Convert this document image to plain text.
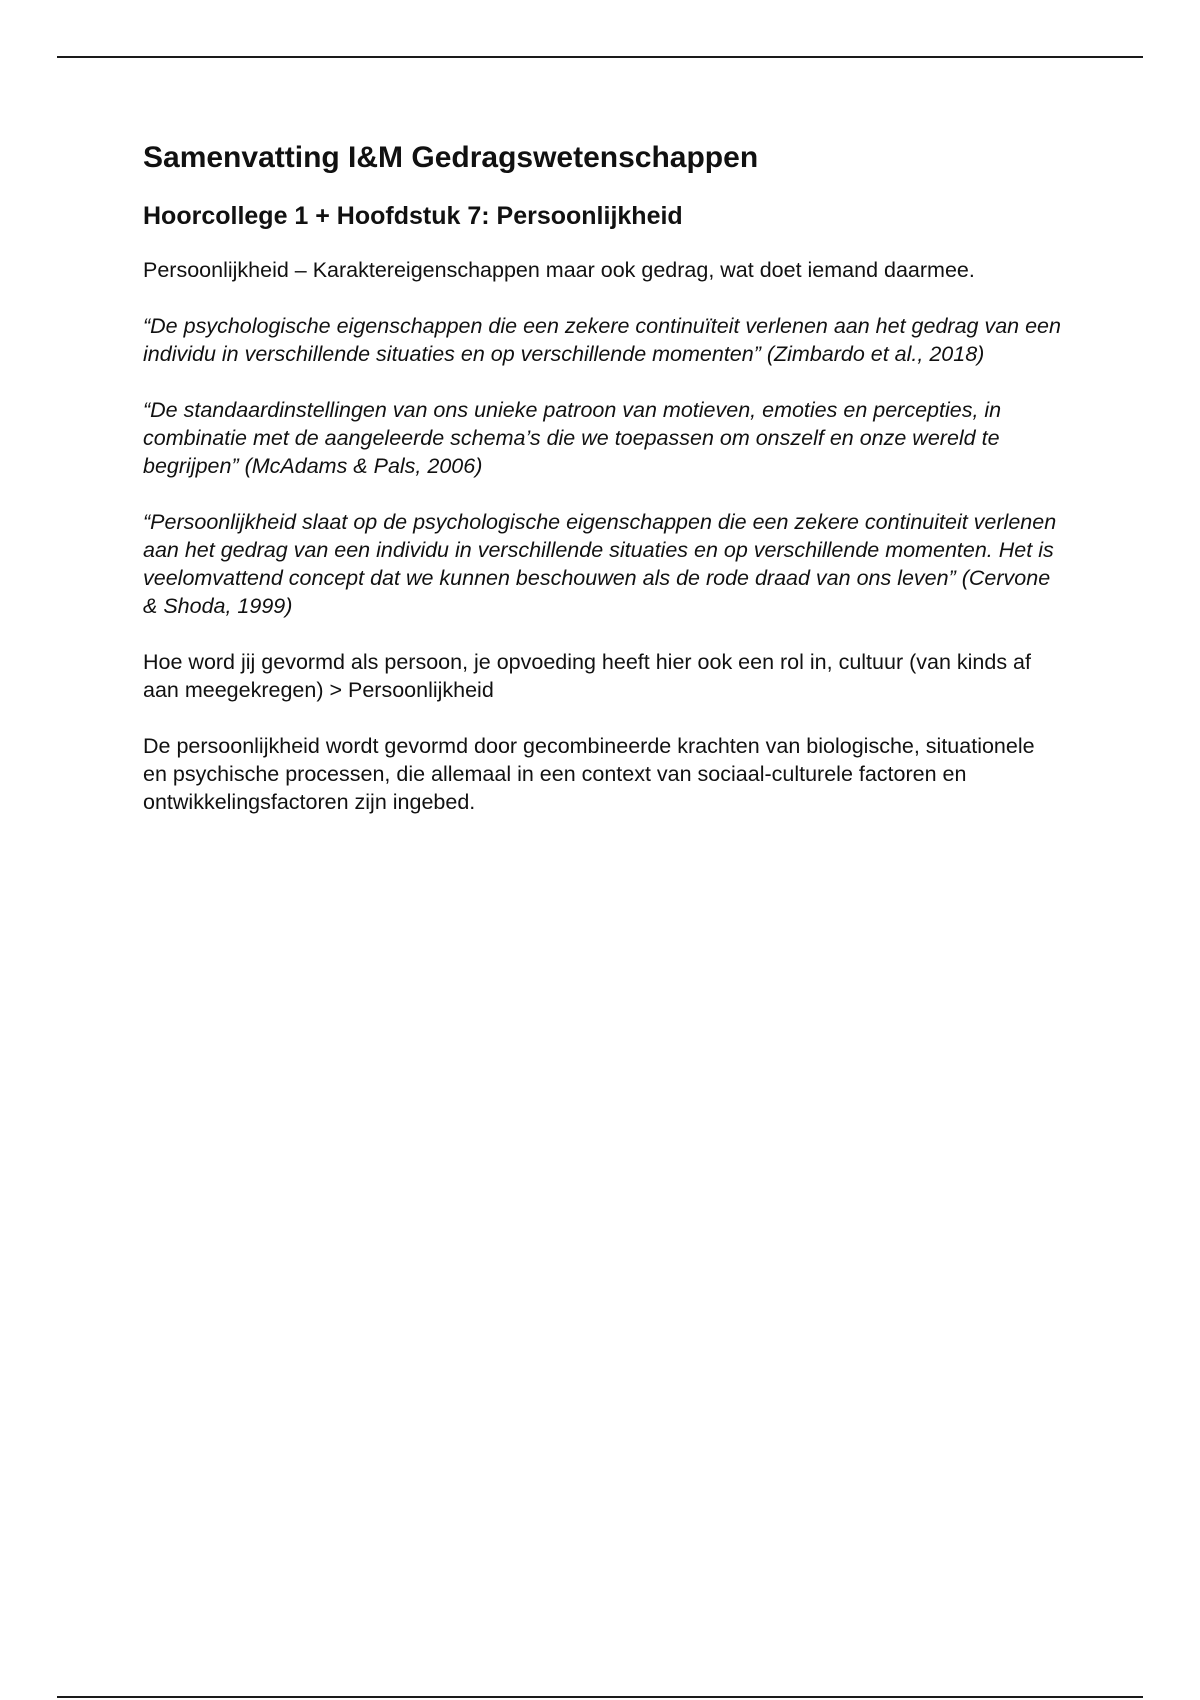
Samenvatting I&M Gedragswetenschappen
Hoorcollege 1 + Hoofdstuk 7: Persoonlijkheid

Persoonlijkheid – Karaktereigenschappen maar ook gedrag, wat doet iemand daarmee.

“De psychologische eigenschappen die een zekere continuïteit verlenen aan het gedrag van een individu in verschillende situaties en op verschillende momenten” (Zimbardo et al., 2018)

“De standaardinstellingen van ons unieke patroon van motieven, emoties en percepties, in combinatie met de aangeleerde schema’s die we toepassen om onszelf en onze wereld te begrijpen” (McAdams & Pals, 2006)

“Persoonlijkheid slaat op de psychologische eigenschappen die een zekere continuiteit verlenen aan het gedrag van een individu in verschillende situaties en op verschillende momenten. Het is veelomvattend concept dat we kunnen beschouwen als de rode draad van ons leven” (Cervone & Shoda, 1999)

Hoe word jij gevormd als persoon, je opvoeding heeft hier ook een rol in, cultuur (van kinds af aan meegekregen) > Persoonlijkheid

De persoonlijkheid wordt gevormd door gecombineerde krachten van biologische, situationele en psychische processen, die allemaal in een context van sociaal-culturele factoren en ontwikkelingsfactoren zijn ingebed.
